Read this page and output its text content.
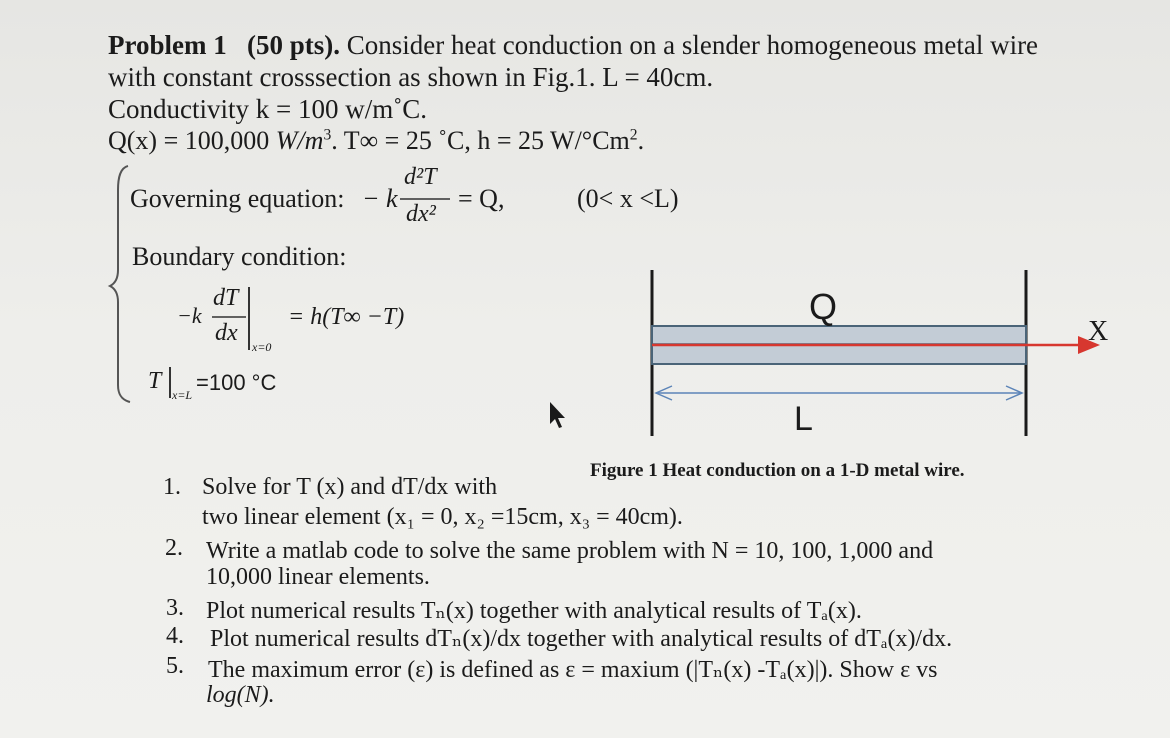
Problem 1 (50 pts). Consider heat conduction on a slender homogeneous metal wire
with constant crosssection as shown in Fig.1. L = 40cm.
Conductivity k = 100 w/m˚C.
Q(x) = 100,000 $W/m^3$. T∞ = 25 ˚C, h = 25 W/°Cm$^2$.
Governing equation: − k
d²T
dx²
= Q,	(0< x <L)
Boundary condition:
−k
dT
dx
x=0
= h(T∞ −T)
T
x=L =100 °C
Q
X
L
Figure 1 Heat conduction on a 1-D metal wire.
1. Solve for T (x) and dT/dx with
two linear element (x₁ = 0, x₂ =15cm, x₃ = 40cm).
2. Write a matlab code to solve the same problem with N = 10, 100, 1,000 and
10,000 linear elements.
3. Plot numerical results Tₙ(x) together with analytical results of Tₐ(x).
4. Plot numerical results dTₙ(x)/dx together with analytical results of dTₐ(x)/dx.
5. The maximum error (ε) is defined as ε = maxium (|Tₙ(x) -Tₐ(x)|). Show ε vs
log(N).
